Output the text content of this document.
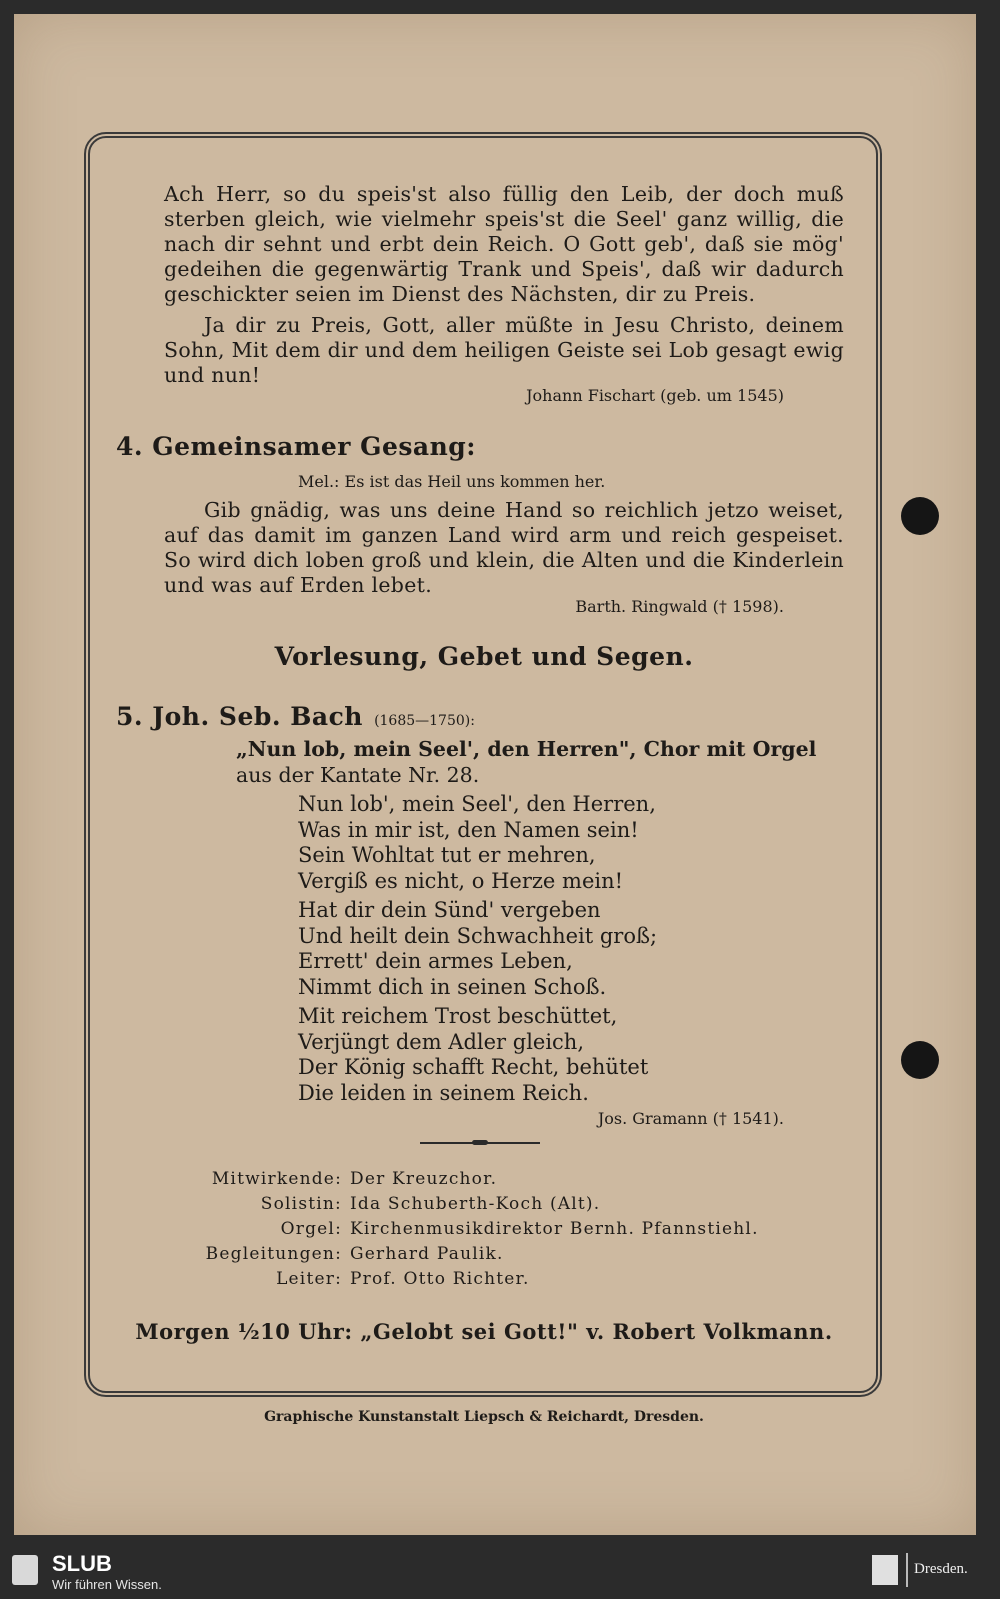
Ach Herr, so du speis'st also füllig den Leib, der doch muß sterben gleich, wie vielmehr speis'st die Seel' ganz willig, die nach dir sehnt und erbt dein Reich. O Gott geb', daß sie mög' gedeihen die gegenwärtig Trank und Speis', daß wir dadurch geschickter seien im Dienst des Nächsten, dir zu Preis.
Ja dir zu Preis, Gott, aller müßte in Jesu Christo, deinem Sohn, Mit dem dir und dem heiligen Geiste sei Lob gesagt ewig und nun!
Johann Fischart (geb. um 1545)
4. Gemeinsamer Gesang:
Mel.: Es ist das Heil uns kommen her.
Gib gnädig, was uns deine Hand so reichlich jetzo weiset, auf das damit im ganzen Land wird arm und reich gespeiset. So wird dich loben groß und klein, die Alten und die Kinderlein und was auf Erden lebet.
Barth. Ringwald († 1598).
Vorlesung, Gebet und Segen.
5. Joh. Seb. Bach (1685—1750):
„Nun lob, mein Seel', den Herren", Chor mit Orgel
aus der Kantate Nr. 28.
Nun lob', mein Seel', den Herren,
Was in mir ist, den Namen sein!
Sein Wohltat tut er mehren,
Vergiß es nicht, o Herze mein!
Hat dir dein Sünd' vergeben
Und heilt dein Schwachheit groß;
Errett' dein armes Leben,
Nimmt dich in seinen Schoß.
Mit reichem Trost beschüttet,
Verjüngt dem Adler gleich,
Der König schafft Recht, behütet
Die leiden in seinem Reich.
Jos. Gramann († 1541).
Mitwirkende: Der Kreuzchor.
Solistin: Ida Schuberth-Koch (Alt).
Orgel: Kirchenmusikdirektor Bernh. Pfannstiehl.
Begleitungen: Gerhard Paulik.
Leiter: Prof. Otto Richter.
Morgen ½10 Uhr: „Gelobt sei Gott!" v. Robert Volkmann.
Graphische Kunstanstalt Liepsch & Reichardt, Dresden.
SLUB
Wir führen Wissen.
Dresden.
